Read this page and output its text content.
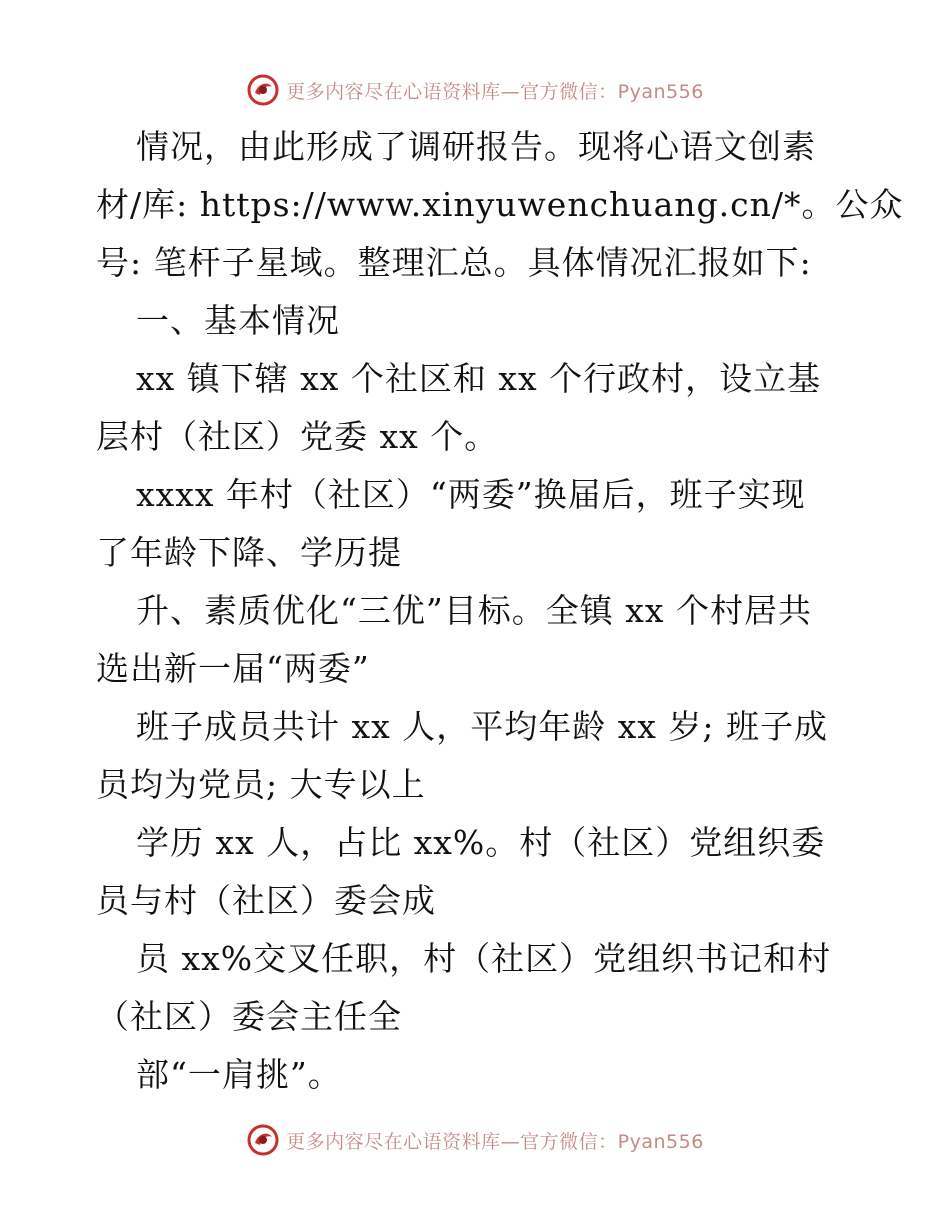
更多内容尽在心语资料库—官方微信：Pyan556
情况，由此形成了调研报告。现将心语文创素
材/库: https://www.xinyuwenchuang.cn/*。公众
号: 笔杆子星域。整理汇总。具体情况汇报如下:
一、基本情况
xx 镇下辖 xx 个社区和 xx 个行政村，设立基
层村（社区）党委 xx 个。
xxxx 年村（社区）“两委”换届后，班子实现
了年龄下降、学历提
升、素质优化“三优”目标。全镇 xx 个村居共
选出新一届“两委”
班子成员共计 xx 人，平均年龄 xx 岁; 班子成
员均为党员; 大专以上
学历 xx 人，占比 xx%。村（社区）党组织委
员与村（社区）委会成
员 xx%交叉任职，村（社区）党组织书记和村
（社区）委会主任全
部“一肩挑”。
更多内容尽在心语资料库—官方微信：Pyan556
